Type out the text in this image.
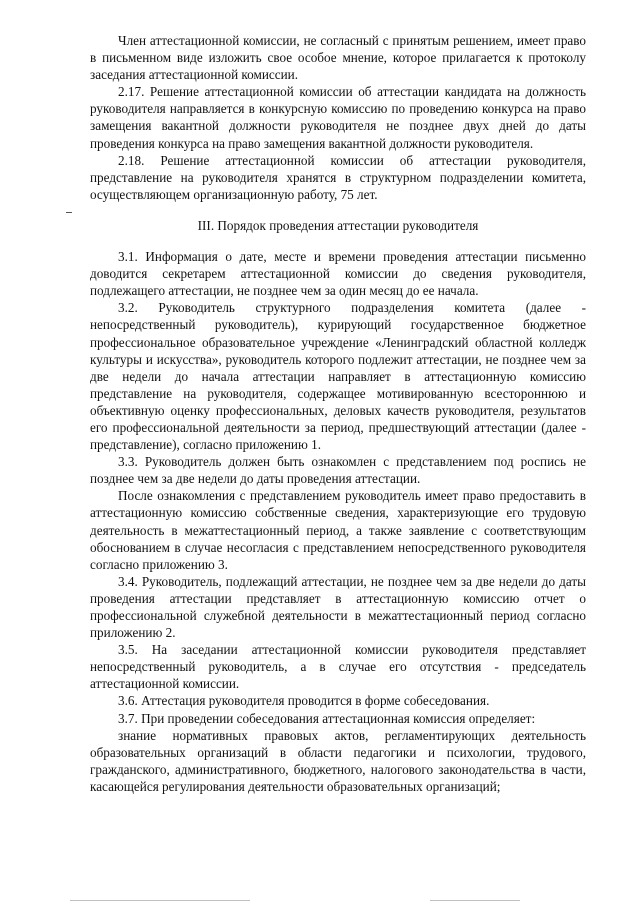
Член аттестационной комиссии, не согласный с принятым решением, имеет право в письменном виде изложить свое особое мнение, которое прилагается к протоколу заседания аттестационной комиссии.

2.17. Решение аттестационной комиссии об аттестации кандидата на должность руководителя направляется в конкурсную комиссию по проведению конкурса на право замещения вакантной должности руководителя не позднее двух дней до даты проведения конкурса на право замещения вакантной должности руководителя.

2.18. Решение аттестационной комиссии об аттестации руководителя, представление на руководителя хранятся в структурном подразделении комитета, осуществляющем организационную работу, 75 лет.

III. Порядок проведения аттестации руководителя

3.1. Информация о дате, месте и времени проведения аттестации письменно доводится секретарем аттестационной комиссии до сведения руководителя, подлежащего аттестации, не позднее чем за один месяц до ее начала.

3.2. Руководитель структурного подразделения комитета (далее - непосредственный руководитель), курирующий государственное бюджетное профессиональное образовательное учреждение «Ленинградский областной колледж культуры и искусства», руководитель которого подлежит аттестации, не позднее чем за две недели до начала аттестации направляет в аттестационную комиссию представление на руководителя, содержащее мотивированную всестороннюю и объективную оценку профессиональных, деловых качеств руководителя, результатов его профессиональной деятельности за период, предшествующий аттестации (далее - представление), согласно приложению 1.

3.3. Руководитель должен быть ознакомлен с представлением под роспись не позднее чем за две недели до даты проведения аттестации.

После ознакомления с представлением руководитель имеет право предоставить в аттестационную комиссию собственные сведения, характеризующие его трудовую деятельность в межаттестационный период, а также заявление с соответствующим обоснованием в случае несогласия с представлением непосредственного руководителя согласно приложению 3.

3.4. Руководитель, подлежащий аттестации, не позднее чем за две недели до даты проведения аттестации представляет в аттестационную комиссию отчет о профессиональной служебной деятельности в межаттестационный период согласно приложению 2.

3.5. На заседании аттестационной комиссии руководителя представляет непосредственный руководитель, а в случае его отсутствия - председатель аттестационной комиссии.

3.6. Аттестация руководителя проводится в форме собеседования.

3.7. При проведении собеседования аттестационная комиссия определяет:

знание нормативных правовых актов, регламентирующих деятельность образовательных организаций в области педагогики и психологии, трудового, гражданского, административного, бюджетного, налогового законодательства в части, касающейся регулирования деятельности образовательных организаций;
